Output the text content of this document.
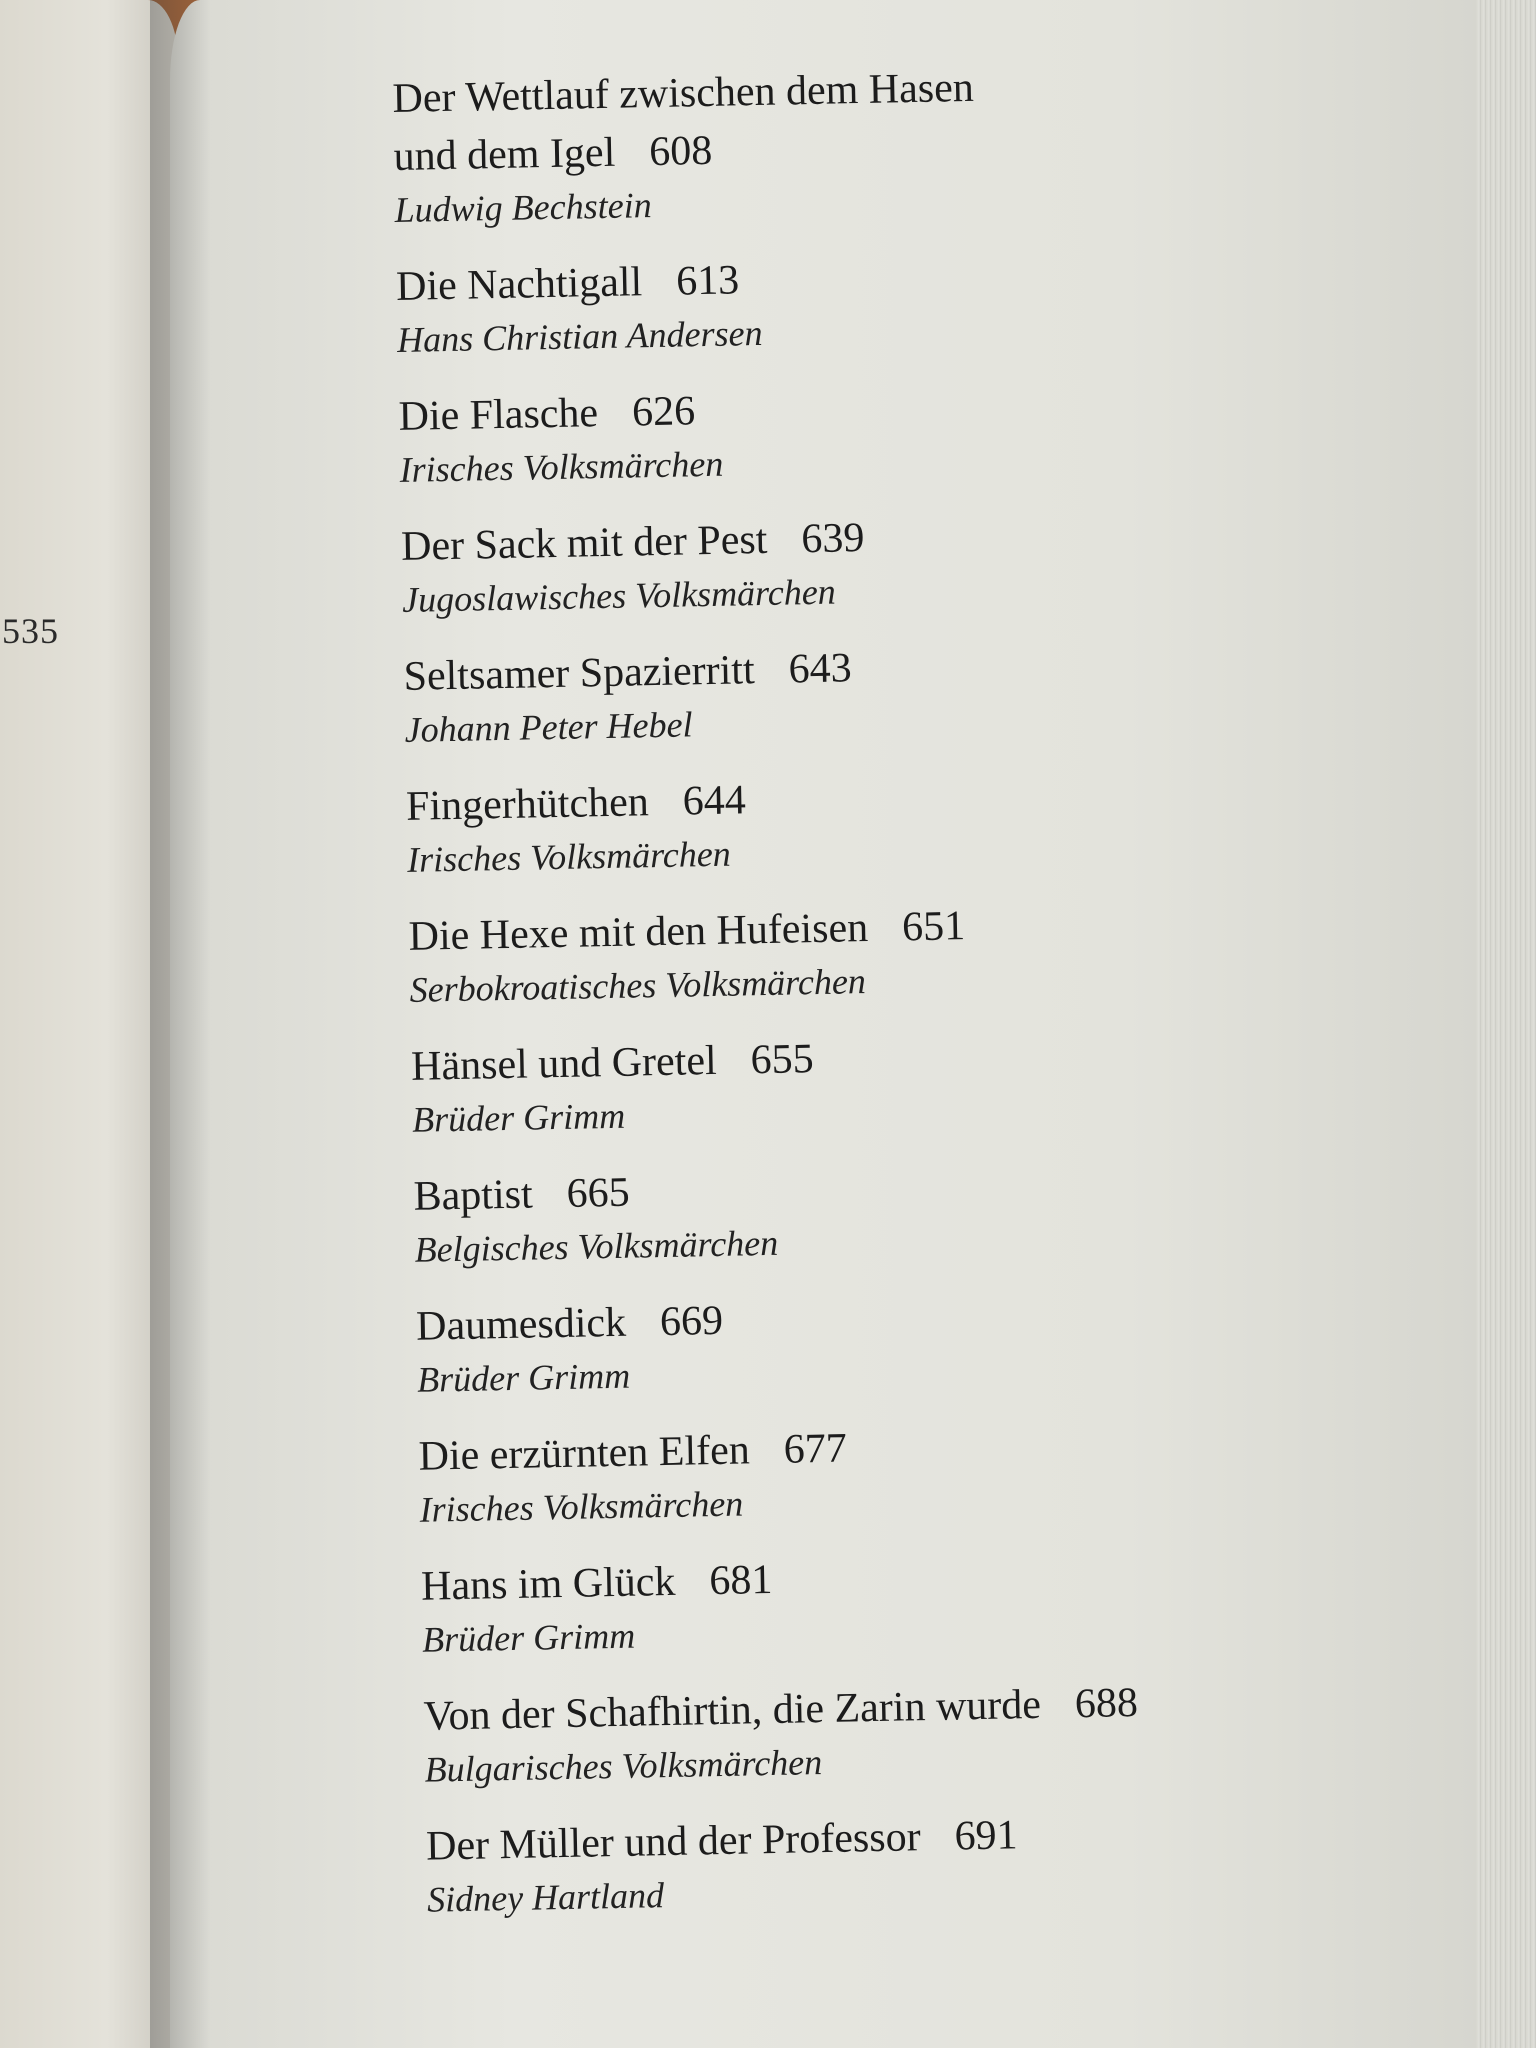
535
Der Wettlauf zwischen dem Hasen
und dem Igel 608
Ludwig Bechstein
Die Nachtigall 613
Hans Christian Andersen
Die Flasche 626
Irisches Volksmärchen
Der Sack mit der Pest 639
Jugoslawisches Volksmärchen
Seltsamer Spazierritt 643
Johann Peter Hebel
Fingerhütchen 644
Irisches Volksmärchen
Die Hexe mit den Hufeisen 651
Serbokroatisches Volksmärchen
Hänsel und Gretel 655
Brüder Grimm
Baptist 665
Belgisches Volksmärchen
Daumesdick 669
Brüder Grimm
Die erzürnten Elfen 677
Irisches Volksmärchen
Hans im Glück 681
Brüder Grimm
Von der Schafhirtin, die Zarin wurde 688
Bulgarisches Volksmärchen
Der Müller und der Professor 691
Sidney Hartland
